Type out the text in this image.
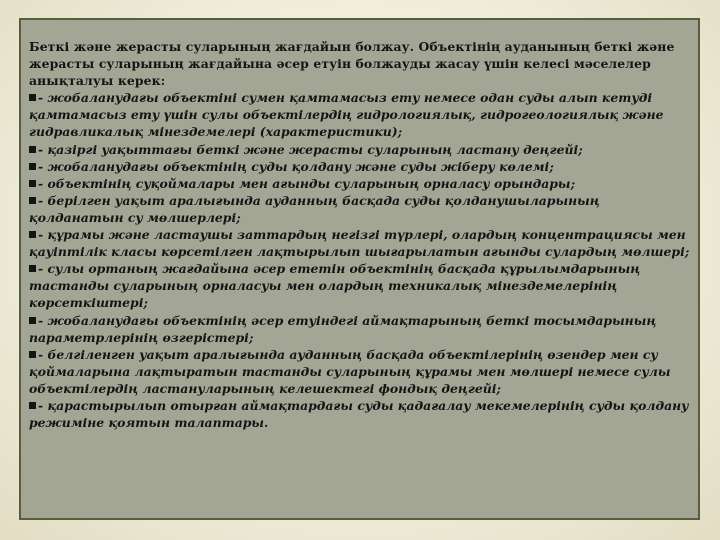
Беткі және жерасты суларының жағдайын болжау. Объектінің ауданының беткі және жерасты суларының жағдайына әсер етуін болжауды жасау үшін келесі мәселелер анықталуы керек:

- жобаланудағы объектіні сумен қамтамасыз ету немесе одан суды алып кетуді қамтамасыз ету үшін сулы объектілердің гидрологиялық, гидрогеологиялық және гидравликалық мінездемелері (характеристики);
- қазіргі уақыттағы беткі және жерасты суларының ластану деңгейі;
- жобаланудағы объектінің суды қолдану және суды жіберу көлемі;
- объектінің суқоймалары мен ағынды суларының орналасу орындары;
- берілген уақыт аралығында ауданның басқада суды қолданушыларының қолданатын су мөлшерлері;
- құрамы және ластаушы заттардың негізгі түрлері, олардың концентрациясы мен қауіптілік класы көрсетілген лақтырылып шығарылатын ағынды сулардың мөлшері;
- сулы ортаның жағдайына әсер ететін объектінің басқада құрылымдарының тастанды суларының орналасуы мен олардың техникалық мінездемелерінің көрсеткіштері;
- жобаланудағы объектінің әсер етуіндегі аймақтарының беткі тосымдарының параметрлерінің өзгерістері;
- белгіленген уақыт аралығында ауданның басқада объектілерінің өзендер мен су қоймаларына лақтыратын тастанды суларының құрамы мен мөлшері немесе сулы объектілердің ластануларының келешектегі фондық деңгейі;
- қарастырылып отырған аймақтардағы суды қадағалау мекемелерінің суды қолдану режиміне қоятын талаптары.
